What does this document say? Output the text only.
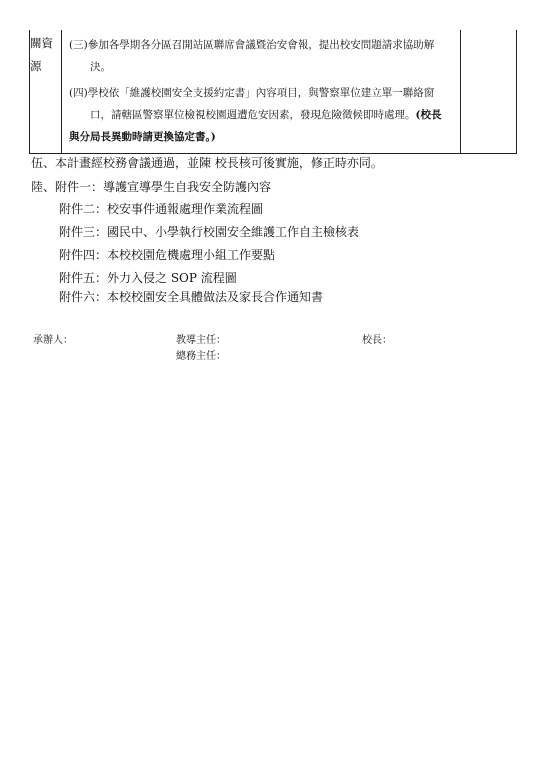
關資
源
(三)參加各學期各分區召開站區聯席會議暨治安會報，提出校安問題請求協助解
決。
(四)學校依「維護校園安全支援約定書」內容項目，與警察單位建立單一聯絡窗
口，請轄區警察單位檢視校園週遭危安因素，發現危險徵候即時處理。(校長
與分局長異動時請更換協定書。)
伍、本計畫經校務會議通過，並陳 校長核可後實施，修正時亦同。
陸、附件一：導護宣導學生自我安全防護內容
附件二：校安事件通報處理作業流程圖
附件三：國民中、小學執行校園安全維護工作自主檢核表
附件四：本校校園危機處理小組工作要點
附件五：外力入侵之 SOP 流程圖
附件六：本校校園安全具體做法及家長合作通知書
承辦人：	教導主任：
總務主任：
校長：
